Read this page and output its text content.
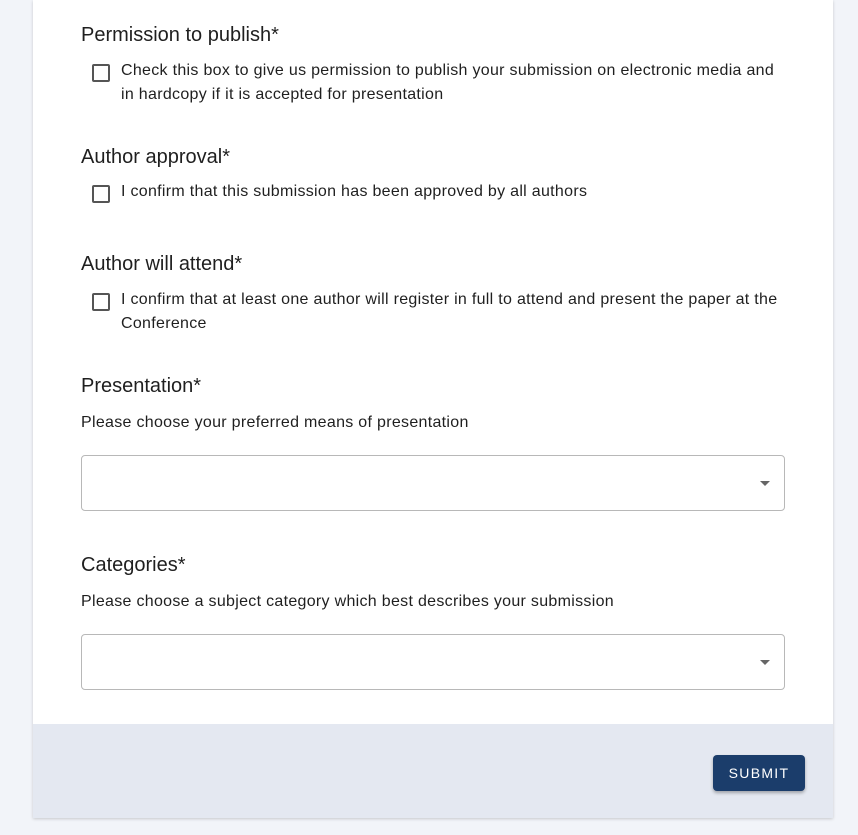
Permission to publish*
Check this box to give us permission to publish your submission on electronic media and in hardcopy if it is accepted for presentation
Author approval*
I confirm that this submission has been approved by all authors
Author will attend*
I confirm that at least one author will register in full to attend and present the paper at the Conference
Presentation*
Please choose your preferred means of presentation
Categories*
Please choose a subject category which best describes your submission
SUBMIT
